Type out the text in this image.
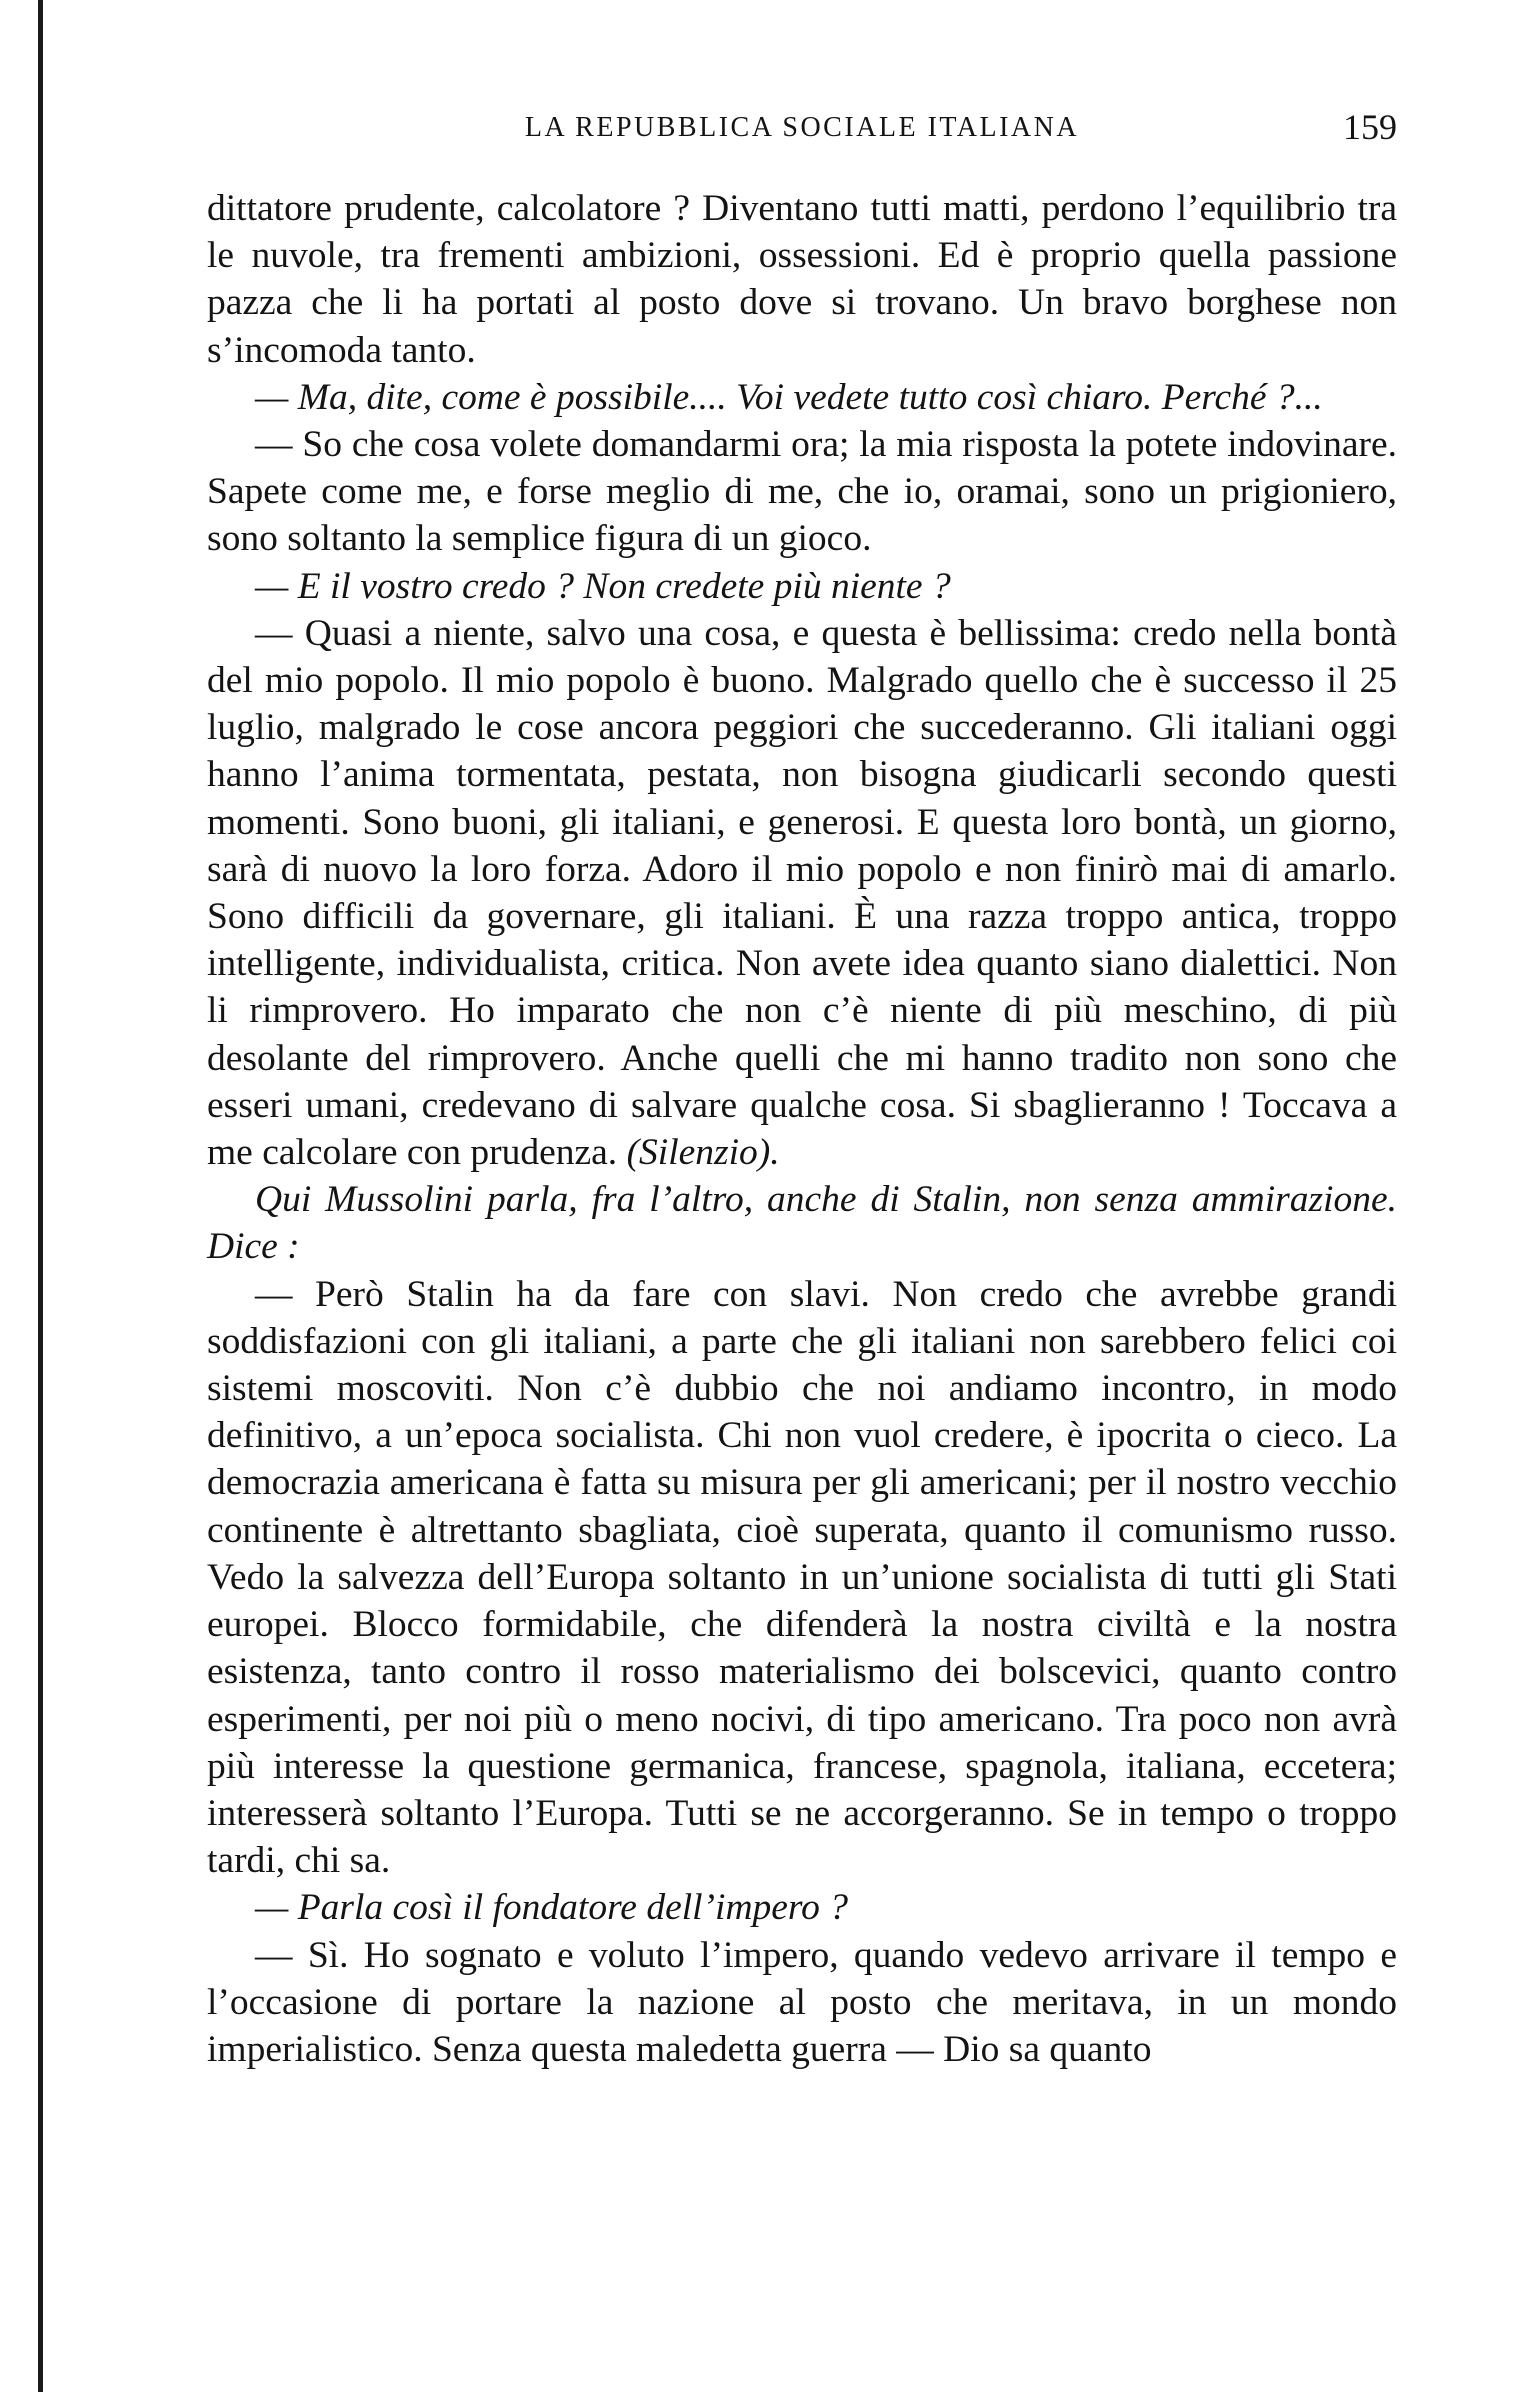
LA REPUBBLICA SOCIALE ITALIANA	159

dittatore prudente, calcolatore ? Diventano tutti matti, perdono l’equilibrio tra le nuvole, tra frementi ambizioni, ossessioni. Ed è proprio quella passione pazza che li ha portati al posto dove si trovano. Un bravo borghese non s’incomoda tanto.

— Ma, dite, come è possibile.... Voi vedete tutto così chiaro. Perché ?...

— So che cosa volete domandarmi ora; la mia risposta la potete indovinare. Sapete come me, e forse meglio di me, che io, oramai, sono un prigioniero, sono soltanto la semplice figura di un gioco.

— E il vostro credo ? Non credete più niente ?

— Quasi a niente, salvo una cosa, e questa è bellissima: credo nella bontà del mio popolo. Il mio popolo è buono. Malgrado quello che è successo il 25 luglio, malgrado le cose ancora peggiori che succederanno. Gli italiani oggi hanno l’anima tormentata, pestata, non bisogna giudicarli secondo questi momenti. Sono buoni, gli italiani, e generosi. E questa loro bontà, un giorno, sarà di nuovo la loro forza. Adoro il mio popolo e non finirò mai di amarlo. Sono difficili da governare, gli italiani. È una razza troppo antica, troppo intelligente, individualista, critica. Non avete idea quanto siano dialettici. Non li rimprovero. Ho imparato che non c’è niente di più meschino, di più desolante del rimprovero. Anche quelli che mi hanno tradito non sono che esseri umani, credevano di salvare qualche cosa. Si sbaglieranno ! Toccava a me calcolare con prudenza. (Silenzio).

Qui Mussolini parla, fra l’altro, anche di Stalin, non senza ammirazione. Dice :

— Però Stalin ha da fare con slavi. Non credo che avrebbe grandi soddisfazioni con gli italiani, a parte che gli italiani non sarebbero felici coi sistemi moscoviti. Non c’è dubbio che noi andiamo incontro, in modo definitivo, a un’epoca socialista. Chi non vuol credere, è ipocrita o cieco. La democrazia americana è fatta su misura per gli americani; per il nostro vecchio continente è altrettanto sbagliata, cioè superata, quanto il comunismo russo. Vedo la salvezza dell’Europa soltanto in un’unione socialista di tutti gli Stati europei. Blocco formidabile, che difenderà la nostra civiltà e la nostra esistenza, tanto contro il rosso materialismo dei bolscevici, quanto contro esperimenti, per noi più o meno nocivi, di tipo americano. Tra poco non avrà più interesse la questione germanica, francese, spagnola, italiana, eccetera; interesserà soltanto l’Europa. Tutti se ne accorgeranno. Se in tempo o troppo tardi, chi sa.

— Parla così il fondatore dell’impero ?

— Sì. Ho sognato e voluto l’impero, quando vedevo arrivare il tempo e l’occasione di portare la nazione al posto che meritava, in un mondo imperialistico. Senza questa maledetta guerra — Dio sa quanto
